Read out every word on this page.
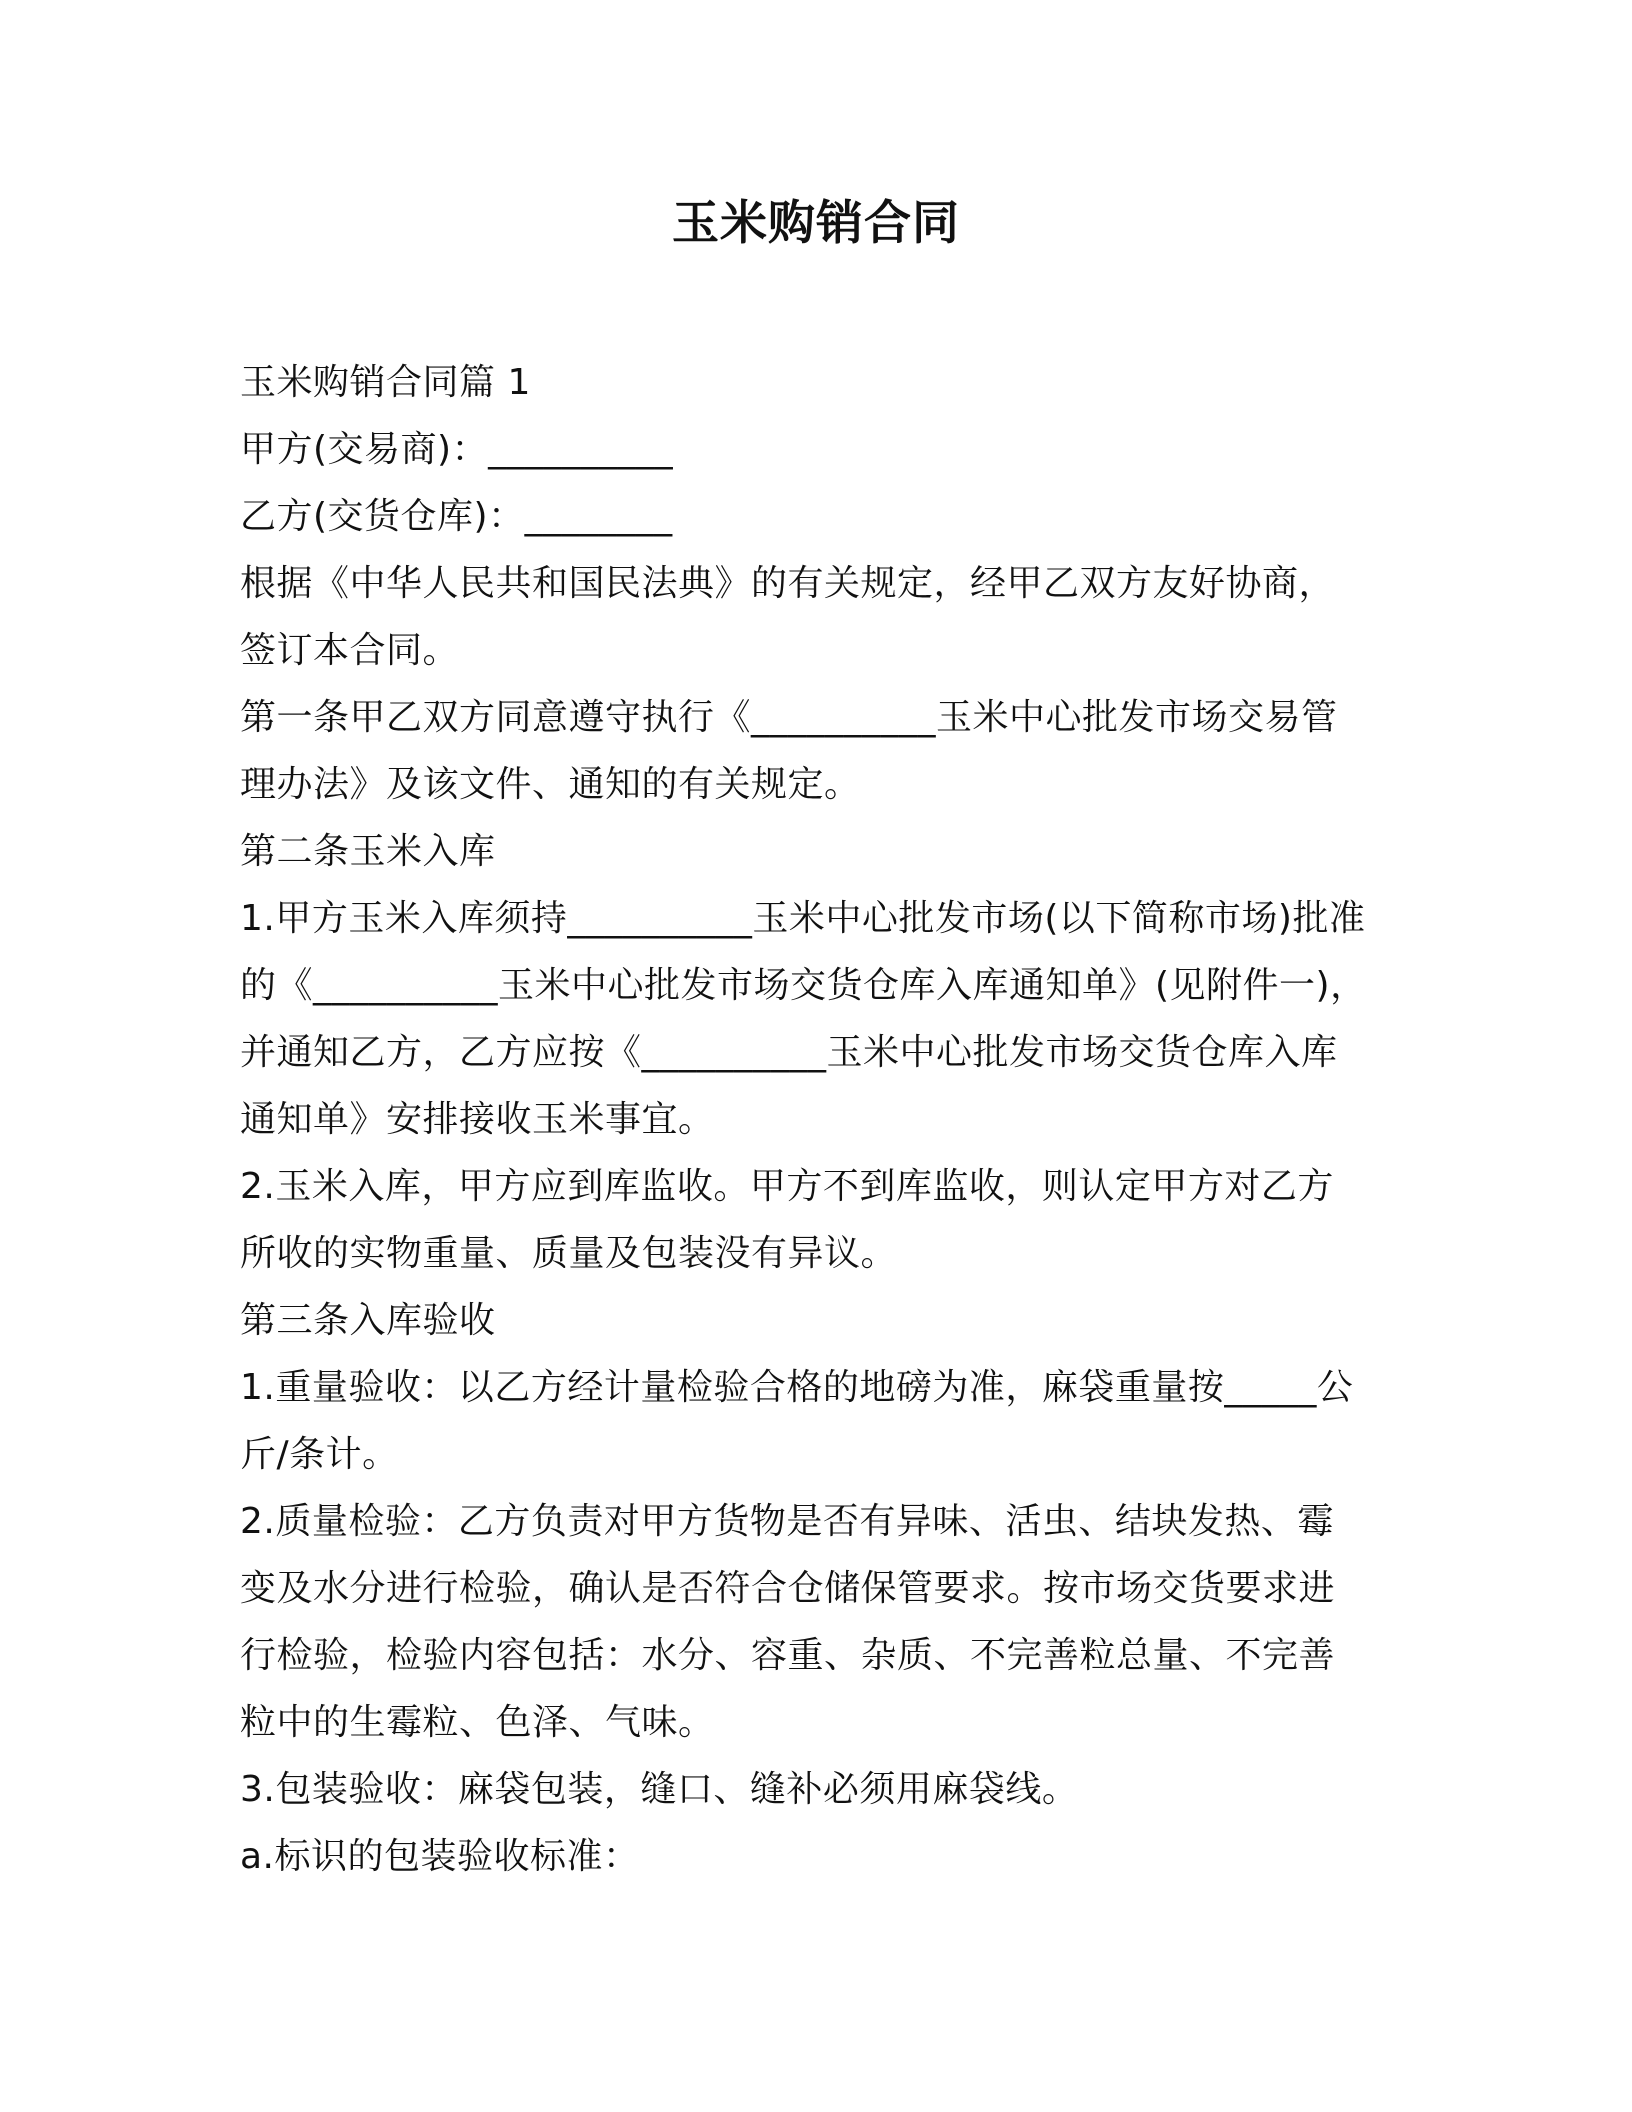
玉米购销合同
玉米购销合同篇 1
甲方(交易商)：__________
乙方(交货仓库)：________
根据《中华人民共和国民法典》的有关规定，经甲乙双方友好协商，
签订本合同。
第一条甲乙双方同意遵守执行《__________玉米中心批发市场交易管
理办法》及该文件、通知的有关规定。
第二条玉米入库
1.甲方玉米入库须持__________玉米中心批发市场(以下简称市场)批准
的《__________玉米中心批发市场交货仓库入库通知单》(见附件一)，
并通知乙方，乙方应按《__________玉米中心批发市场交货仓库入库
通知单》安排接收玉米事宜。
2.玉米入库，甲方应到库监收。甲方不到库监收，则认定甲方对乙方
所收的实物重量、质量及包装没有异议。
第三条入库验收
1.重量验收：以乙方经计量检验合格的地磅为准，麻袋重量按_____公
斤/条计。
2.质量检验：乙方负责对甲方货物是否有异味、活虫、结块发热、霉
变及水分进行检验，确认是否符合仓储保管要求。按市场交货要求进
行检验，检验内容包括：水分、容重、杂质、不完善粒总量、不完善
粒中的生霉粒、色泽、气味。
3.包装验收：麻袋包装，缝口、缝补必须用麻袋线。
a.标识的包装验收标准：
